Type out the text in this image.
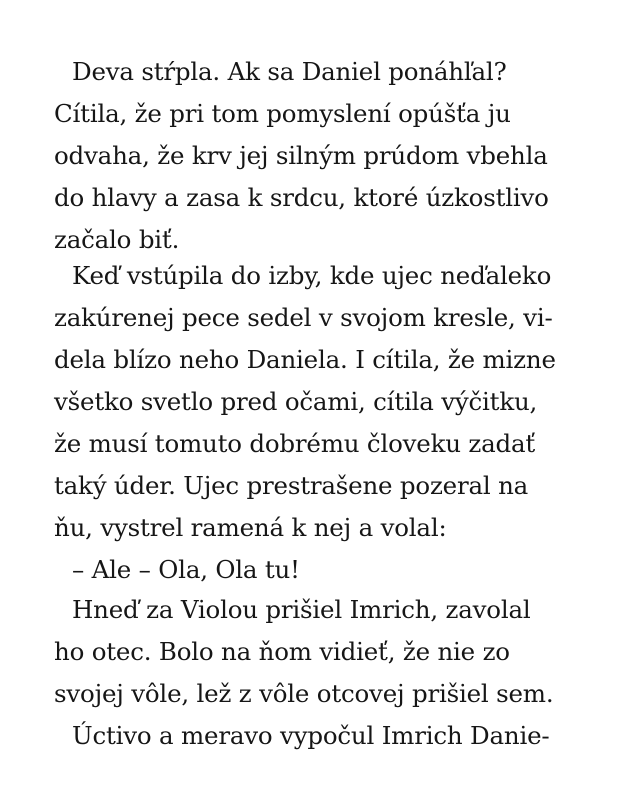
Deva stŕpla. Ak sa Daniel ponáhľal?
Cítila, že pri tom pomyslení opúšťa ju
odvaha, že krv jej silným prúdom vbehla
do hlavy a zasa k srdcu, ktoré úzkostlivo
začalo biť.
Keď vstúpila do izby, kde ujec neďaleko
zakúrenej pece sedel v svojom kresle, vi-
dela blízo neho Daniela. I cítila, že mizne
všetko svetlo pred očami, cítila výčitku,
že musí tomuto dobrému človeku zadať
taký úder. Ujec prestrašene pozeral na
ňu, vystrel ramená k nej a volal:
– Ale – Ola, Ola tu!
Hneď za Violou prišiel Imrich, zavolal
ho otec. Bolo na ňom vidieť, že nie zo
svojej vôle, lež z vôle otcovej prišiel sem.
Úctivo a meravo vypočul Imrich Danie-
